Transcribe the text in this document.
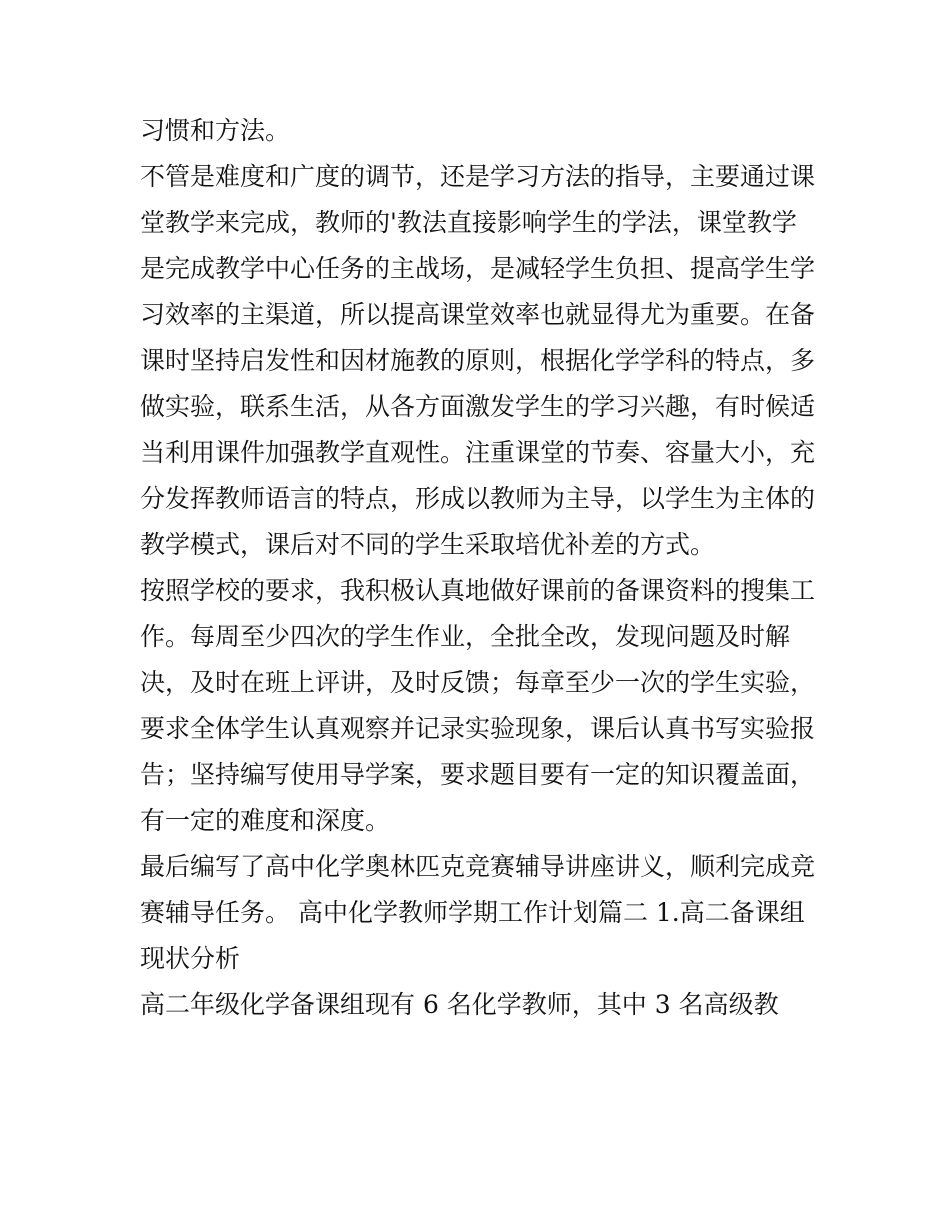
习惯和方法。
不管是难度和广度的调节，还是学习方法的指导，主要通过课
堂教学来完成，教师的'教法直接影响学生的学法，课堂教学
是完成教学中心任务的主战场，是减轻学生负担、提高学生学
习效率的主渠道，所以提高课堂效率也就显得尤为重要。在备
课时坚持启发性和因材施教的原则，根据化学学科的特点，多
做实验，联系生活，从各方面激发学生的学习兴趣，有时候适
当利用课件加强教学直观性。注重课堂的节奏、容量大小，充
分发挥教师语言的特点，形成以教师为主导，以学生为主体的
教学模式，课后对不同的学生采取培优补差的方式。
按照学校的要求，我积极认真地做好课前的备课资料的搜集工
作。每周至少四次的学生作业，全批全改，发现问题及时解
决，及时在班上评讲，及时反馈；每章至少一次的学生实验，
要求全体学生认真观察并记录实验现象，课后认真书写实验报
告；坚持编写使用导学案，要求题目要有一定的知识覆盖面，
有一定的难度和深度。
最后编写了高中化学奥林匹克竞赛辅导讲座讲义，顺利完成竞
赛辅导任务。 高中化学教师学期工作计划篇二 1.高二备课组
现状分析
高二年级化学备课组现有 6 名化学教师，其中 3 名高级教
